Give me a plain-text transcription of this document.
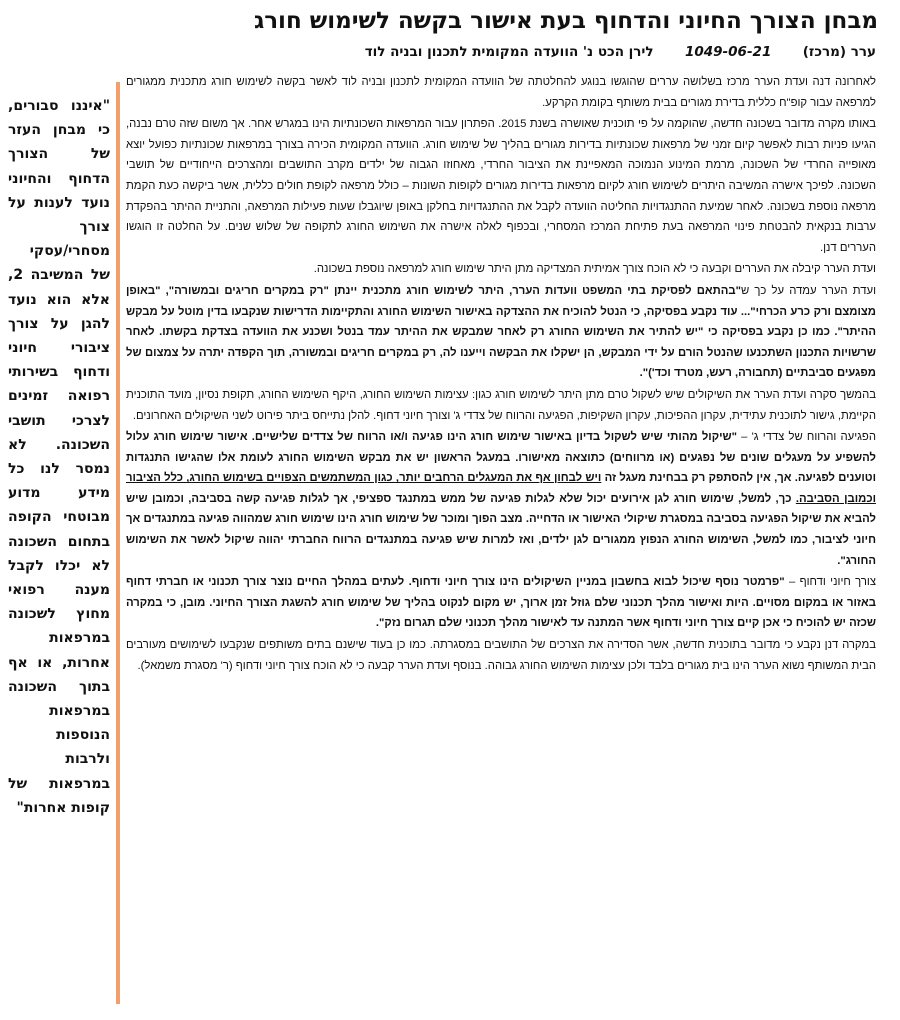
מבחן הצורך החיוני והדחוף בעת אישור בקשה לשימוש חורג
ערר (מרכז)  1049-06-21  לירן הכט נ' הוועדה המקומית לתכנון ובניה לוד
"איננו סבורים, כי מבחן העזר של הצורך הדחוף והחיוני נועד לענות על צורך מסחרי/עסקי של המשיבה 2, אלא הוא נועד להגן על צורך ציבורי חיוני ודחוף בשירותי רפואה זמינים לצרכי תושבי השכונה. לא נמסר לנו כל מידע מדוע מבוטחי הקופה בתחום השכונה לא יכלו לקבל מענה רפואי מחוץ לשכונה במרפאות אחרות, או אף בתוך השכונה במרפאות הנוספות ולרבות במרפאות של קופות אחרות"

לאחרונה דנה ועדת הערר מרכז בשלושה עררים שהוגשו בנוגע להחלטתה של הוועדה המקומית לתכנון ובניה לוד לאשר בקשה לשימוש חורג מתכנית ממגורים למרפאה עבור קופ"ח כללית בדירת מגורים בבית משותף בקומת הקרקע.

באותו מקרה מדובר בשכונה חדשה, שהוקמה על פי תוכנית שאושרה בשנת 2015. הפתרון עבור המרפאות השכונתיות הינו במגרש אחר. אך משום שזה טרם נבנה, הגיעו פניות רבות לאפשר קיום זמני של מרפאות שכונתיות בדירות מגורים בהליך של שימוש חורג. הוועדה המקומית הכירה בצורך במרפאות שכונתיות כפועל יוצא מאופייה החרדי של השכונה, מרמת המינוע הנמוכה המאפיינת את הציבור החרדי, מאחוזו הגבוה של ילדים מקרב התושבים ומהצרכים הייחודיים של תושבי השכונה. לפיכך אישרה המשיבה היתרים לשימוש חורג לקיום מרפאות בדירות מגורים לקופות השונות – כולל מרפאה לקופת חולים כללית, אשר ביקשה כעת הקמת מרפאה נוספת בשכונה. לאחר שמיעת ההתנגדויות החליטה הוועדה לקבל את ההתנגדויות בחלקן באופן שיוגבלו שעות פעילות המרפאה, והתניית ההיתר בהפקדת ערבות בנקאית להבטחת פינוי המרפאה בעת פתיחת המרכז המסחרי, ובכפוף לאלה אישרה את השימוש החורג לתקופה של שלוש שנים. על החלטה זו הוגשו העררים דנן.

ועדת הערר קיבלה את העררים וקבעה כי לא הוכח צורך אמיתית המצדיקה מתן היתר שימוש חורג למרפאה נוספת בשכונה.

ועדת הערר עמדה על כך ש"בהתאם לפסיקת בתי המשפט וועדות הערר, היתר לשימוש חורג מתכנית יינתן "רק במקרים חריגים ובמשורה", "באופן מצומצם ורק כרע הכרחי"... עוד נקבע בפסיקה, כי הנטל להוכיח את ההצדקה באישור השימוש החורג והתקיימות הדרישות שנקבעו בדין מוטל על מבקש ההיתר". כמו כן נקבע בפסיקה כי "יש להתיר את השימוש החורג רק לאחר שמבקש את ההיתר עמד בנטל ושכנע את הוועדה בצדקת בקשתו. לאחר שרשויות התכנון השתכנעו שהנטל הורם על ידי המבקש, הן ישקלו את הבקשה וייענו לה, רק במקרים חריגים ובמשורה, תוך הקפדה יתרה על צמצום של מפגעים סביבתיים (תחבורה, רעש, מטרד וכד')".

בהמשך סקרה ועדת הערר את השיקולים שיש לשקול טרם מתן היתר לשימוש חורג כגון: עצימות השימוש החורג, היקף השימוש החורג, תקופת נסיון, מועד התוכנית הקיימת, גישור לתוכנית עתידית, עקרון ההפיכות, עקרון השקיפות, הפגיעה והרווח של צדדי ג' וצורך חיוני דחוף. להלן נתייחס ביתר פירוט לשני השיקולים האחרונים.

הפגיעה והרווח של צדדי ג' – "שיקול מהותי שיש לשקול בדיון באישור שימוש חורג הינו פגיעה ו/או הרווח של צדדים שלישיים. אישור שימוש חורג עלול להשפיע על מעגלים שונים של נפגעים (או מרווחים) כתוצאה מאישורו. במעגל הראשון יש את מבקש השימוש החורג לעומת אלו שהגישו התנגדות וטוענים לפגיעה. אך, אין להסתפק רק בבחינת מעגל זה ויש לבחון אף את המעגלים הרחבים יותר, כגון המשתמשים הצפויים בשימוש החורג, כלל הציבור וכמובן הסביבה. כך, למשל, שימוש חורג לגן אירועים יכול שלא לגלות פגיעה של ממש במתנגד ספציפי, אך לגלות פגיעה קשה בסביבה, וכמובן שיש להביא את שיקול הפגיעה בסביבה במסגרת שיקולי האישור או הדחייה. מצב הפוך ומוכר של שימוש חורג הינו שימוש חורג שמהווה פגיעה במתנגדים אך חיוני לציבור, כמו למשל, השימוש החורג הנפוץ ממגורים לגן ילדים, ואז למרות שיש פגיעה במתנגדים הרווח החברתי יהווה שיקול לאשר את השימוש החורג".

צורך חיוני ודחוף – "פרמטר נוסף שיכול לבוא בחשבון במניין השיקולים הינו צורך חיוני ודחוף. לעתים במהלך החיים נוצר צורך תכנוני או חברתי דחוף באזור או במקום מסויים. היות ואישור מהלך תכנוני שלם גוזל זמן ארוך, יש מקום לנקוט בהליך של שימוש חורג להשגת הצורך החיוני. מובן, כי במקרה שכזה יש להוכיח כי אכן קיים צורך חיוני ודחוף אשר המתנה עד לאישור מהלך תכנוני שלם תגרום נזק".

במקרה דנן נקבע כי מדובר בתוכנית חדשה, אשר הסדירה את הצרכים של התושבים במסגרתה. כמו כן בעוד שישנם בתים משותפים שנקבעו לשימושים מעורבים הבית המשותף נשוא הערר הינו בית מגורים בלבד ולכן עצימות השימוש החורג גבוהה. בנוסף ועדת הערר קבעה כי לא הוכח צורך חיוני ודחוף (ר' מסגרת משמאל).
